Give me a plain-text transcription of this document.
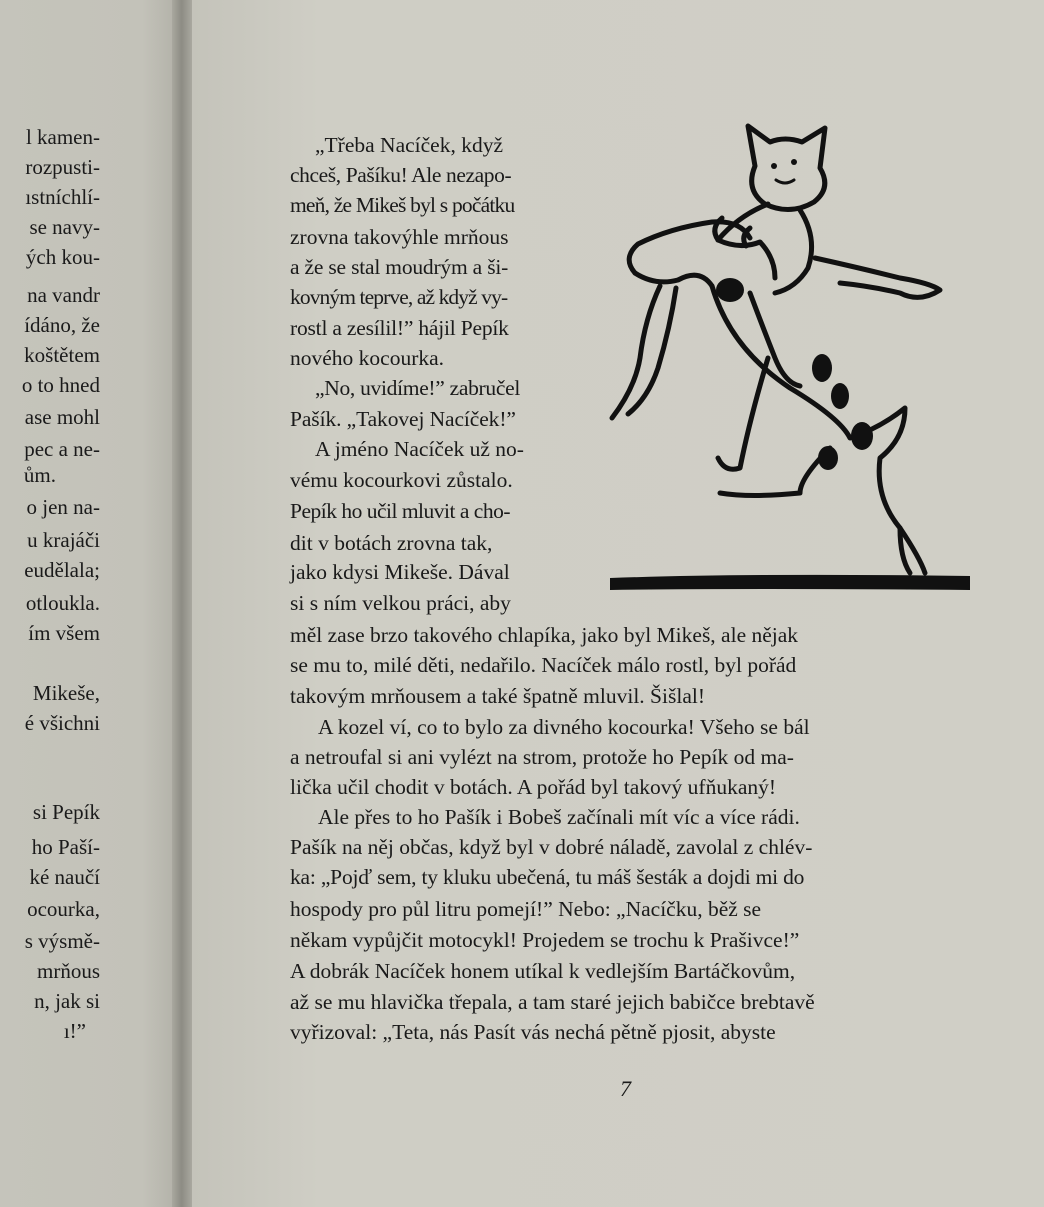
l kamen-
rozpusti-
ıstníchlí-
se navy-
ých kou-
na vandr
ídáno, že
koštětem
o to hned
ase mohl
pec a ne-
ům.
o jen na-
u krajáči
eudělala;
otloukla.
ím všem
Mikeše,
é všichni
si Pepík
ho Paší-
ké naučí
ocourka,
s výsmě-
mrňous
n, jak si
ı!”
„Třeba Nacíček, když
chceš, Pašíku! Ale nezapo-
meň, že Mikeš byl s počátku
zrovna takovýhle mrňous
a že se stal moudrým a ši-
kovným teprve, až když vy-
rostl a zesílil!” hájil Pepík
nového kocourka.
„No, uvidíme!” zabručel
Pašík. „Takovej Nacíček!”
A jméno Nacíček už no-
vému kocourkovi zůstalo.
Pepík ho učil mluvit a cho-
dit v botách zrovna tak,
jako kdysi Mikeše. Dával
si s ním velkou práci, aby
měl zase brzo takového chlapíka, jako byl Mikeš, ale nějak
se mu to, milé děti, nedařilo. Nacíček málo rostl, byl pořád
takovým mrňousem a také špatně mluvil. Šišlal!
A kozel ví, co to bylo za divného kocourka! Všeho se bál
a netroufal si ani vylézt na strom, protože ho Pepík od ma-
lička učil chodit v botách. A pořád byl takový ufňukaný!
Ale přes to ho Pašík i Bobeš začínali mít víc a více rádi.
Pašík na něj občas, když byl v dobré náladě, zavolal z chlév-
ka: „Pojď sem, ty kluku ubečená, tu máš šesták a dojdi mi do
hospody pro půl litru pomejí!” Nebo: „Nacíčku, běž se
někam vypůjčit motocykl! Projedem se trochu k Prašivce!”
A dobrák Nacíček honem utíkal k vedlejším Bartáčkovům,
až se mu hlavička třepala, a tam staré jejich babičce brebtavě
vyřizoval: „Teta, nás Pasít vás nechá pětně pjosit, abyste
7
